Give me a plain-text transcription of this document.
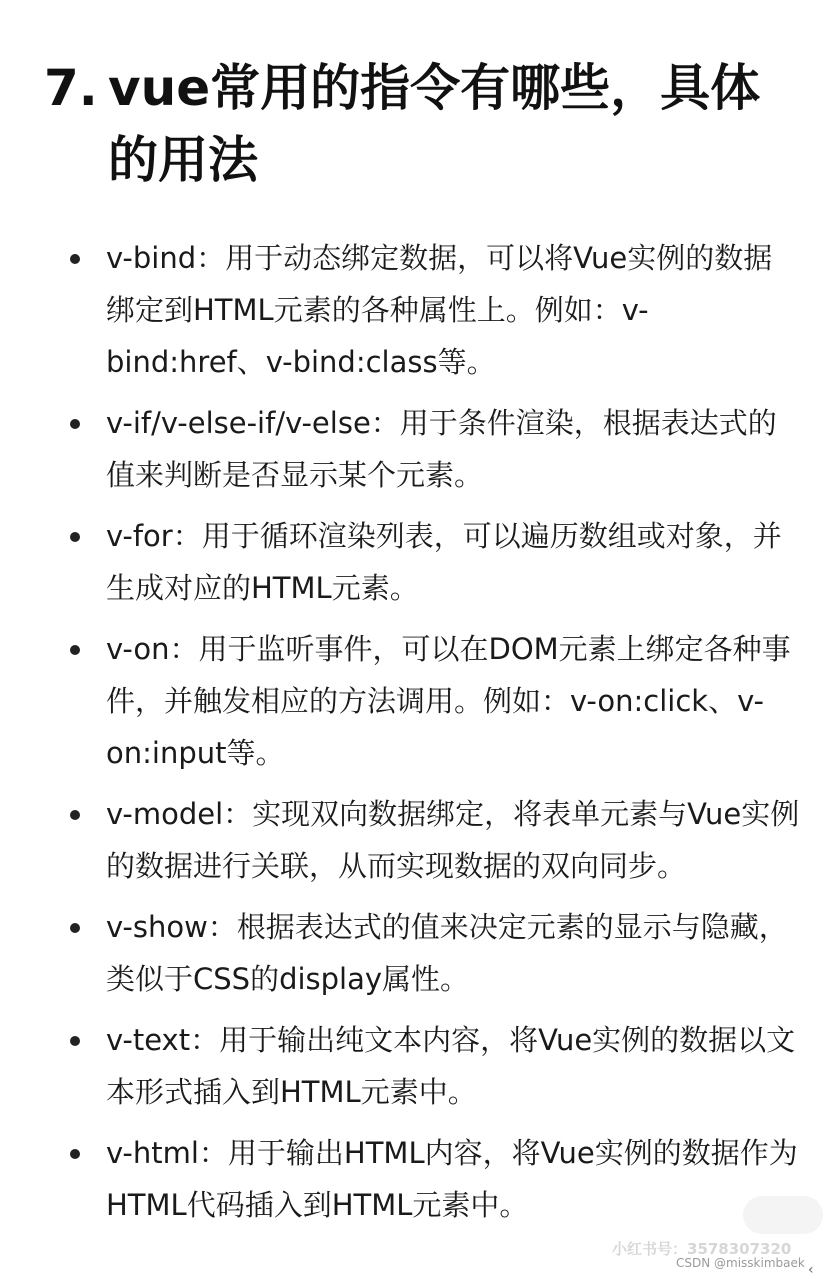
7. vue常用的指令有哪些，具体的用法
v-bind：用于动态绑定数据，可以将Vue实例的数据绑定到HTML元素的各种属性上。例如：v-bind:href、v-bind:class等。
v-if/v-else-if/v-else：用于条件渲染，根据表达式的值来判断是否显示某个元素。
v-for：用于循环渲染列表，可以遍历数组或对象，并生成对应的HTML元素。
v-on：用于监听事件，可以在DOM元素上绑定各种事件，并触发相应的方法调用。例如：v-on:click、v-on:input等。
v-model：实现双向数据绑定，将表单元素与Vue实例的数据进行关联，从而实现数据的双向同步。
v-show：根据表达式的值来决定元素的显示与隐藏，类似于CSS的display属性。
v-text：用于输出纯文本内容，将Vue实例的数据以文本形式插入到HTML元素中。
v-html：用于输出HTML内容，将Vue实例的数据作为HTML代码插入到HTML元素中。
小红书号：3578307320
CSDN @misskimbaek ‹
